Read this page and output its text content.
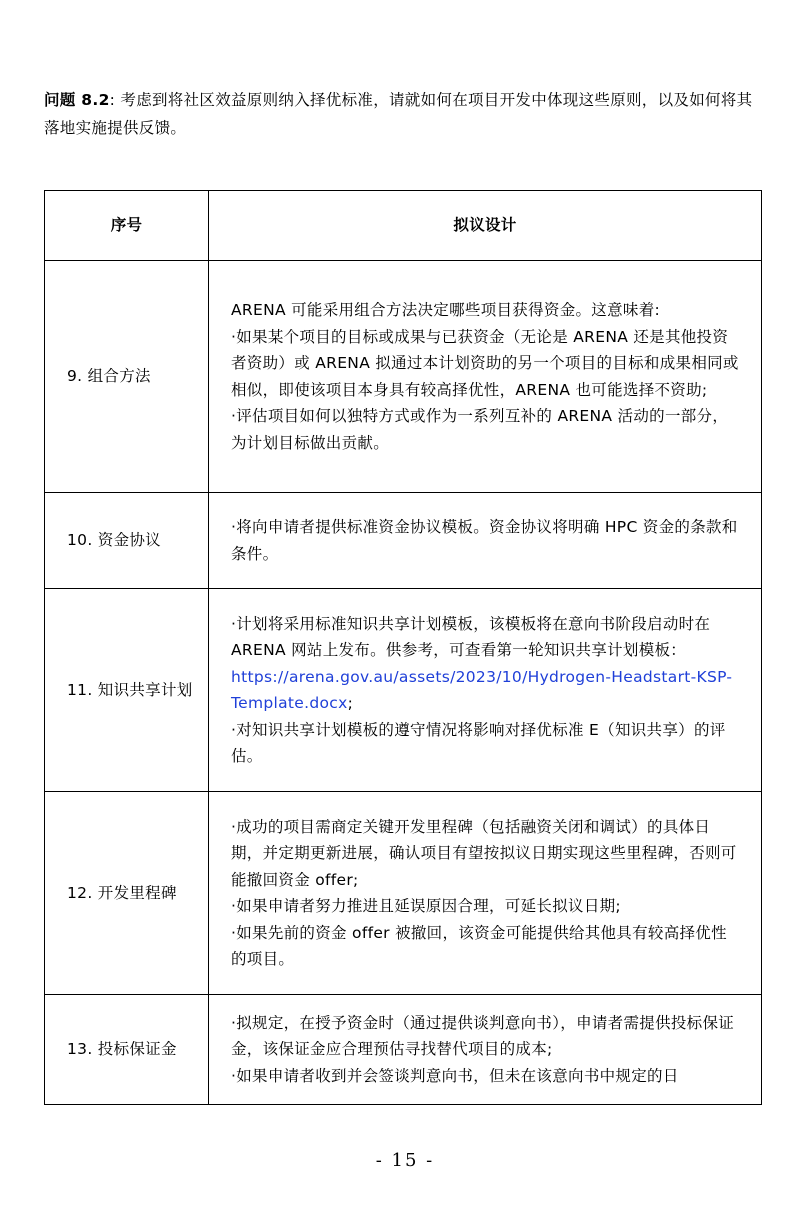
问题 8.2: 考虑到将社区效益原则纳入择优标准，请就如何在项目开发中体现这些原则，以及如何将其落地实施提供反馈。
序号	拟议设计
9. 组合方法	ARENA 可能采用组合方法决定哪些项目获得资金。这意味着:
·如果某个项目的目标或成果与已获资金（无论是 ARENA 还是其他投资者资助）或 ARENA 拟通过本计划资助的另一个项目的目标和成果相同或相似，即使该项目本身具有较高择优性，ARENA 也可能选择不资助;
·评估项目如何以独特方式或作为一系列互补的 ARENA 活动的一部分，为计划目标做出贡献。

10. 资金协议	·将向申请者提供标准资金协议模板。资金协议将明确 HPC 资金的条款和条件。

11. 知识共享计划	·计划将采用标准知识共享计划模板，该模板将在意向书阶段启动时在 ARENA 网站上发布。供参考，可查看第一轮知识共享计划模板：https://arena.gov.au/assets/2023/10/Hydrogen-Headstart-KSP-Template.docx;
·对知识共享计划模板的遵守情况将影响对择优标准 E（知识共享）的评估。

12. 开发里程碑	·成功的项目需商定关键开发里程碑（包括融资关闭和调试）的具体日期，并定期更新进展，确认项目有望按拟议日期实现这些里程碑，否则可能撤回资金 offer;
·如果申请者努力推进且延误原因合理，可延长拟议日期;
·如果先前的资金 offer 被撤回，该资金可能提供给其他具有较高择优性的项目。

13. 投标保证金	·拟规定，在授予资金时（通过提供谈判意向书），申请者需提供投标保证金，该保证金应合理预估寻找替代项目的成本;
·如果申请者收到并会签谈判意向书，但未在该意向书中规定的日
- 15 -
